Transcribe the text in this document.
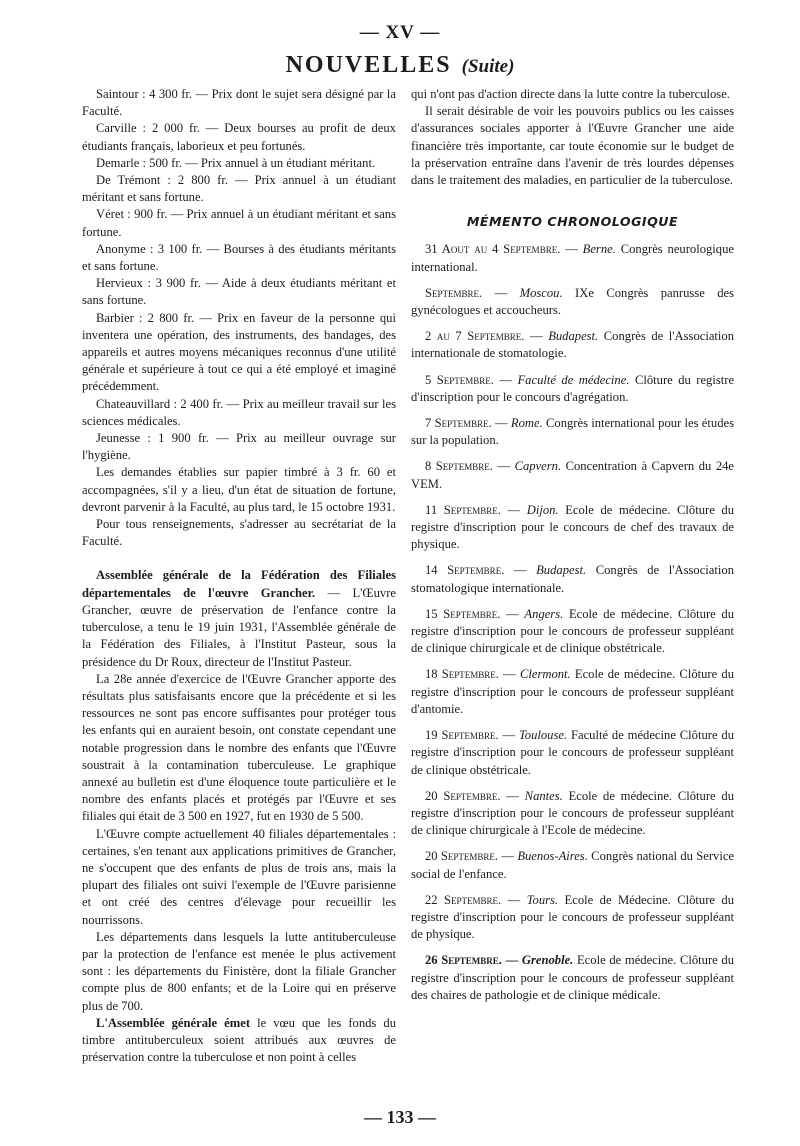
— XV —
NOUVELLES (Suite)

Saintour : 4 300 fr. — Prix dont le sujet sera désigné par la Faculté.

Carville : 2 000 fr. — Deux bourses au profit de deux étudiants français, laborieux et peu fortunés.

Demarle : 500 fr. — Prix annuel à un étudiant méritant.

De Trémont : 2 800 fr. — Prix annuel à un étudiant méritant et sans fortune.

Véret : 900 fr. — Prix annuel à un étudiant méritant et sans fortune.

Anonyme : 3 100 fr. — Bourses à des étudiants méritants et sans fortune.

Hervieux : 3 900 fr. — Aide à deux étudiants méritant et sans fortune.

Barbier : 2 800 fr. — Prix en faveur de la personne qui inventera une opération, des instruments, des bandages, des appareils et autres moyens mécaniques reconnus d'une utilité générale et supérieure à tout ce qui a été employé et imaginé précédemment.

Chateauvillard : 2 400 fr. — Prix au meilleur travail sur les sciences médicales.

Jeunesse : 1 900 fr. — Prix au meilleur ouvrage sur l'hygiène.

Les demandes établies sur papier timbré à 3 fr. 60 et accompagnées, s'il y a lieu, d'un état de situation de fortune, devront parvenir à la Faculté, au plus tard, le 15 octobre 1931.

Pour tous renseignements, s'adresser au secrétariat de la Faculté.

Assemblée générale de la Fédération des Filiales départementales de l'œuvre Grancher. — L'Œuvre Grancher, œuvre de préservation de l'enfance contre la tuberculose, a tenu le 19 juin 1931, l'Assemblée générale de la Fédération des Filiales, à l'Institut Pasteur, sous la présidence du Dr Roux, directeur de l'Institut Pasteur.

La 28e année d'exercice de l'Œuvre Grancher apporte des résultats plus satisfaisants encore que la précédente et si les ressources ne sont pas encore suffisantes pour protéger tous les enfants qui en auraient besoin, ont constate cependant une notable progression dans le nombre des enfants que l'Œuvre soustrait à la contamination tuberculeuse. Le graphique annexé au bulletin est d'une éloquence toute particulière et le nombre des enfants placés et protégés par l'Œuvre et ses filiales qui était de 3 500 en 1927, fut en 1930 de 5 500.

L'Œuvre compte actuellement 40 filiales départementales : certaines, s'en tenant aux applications primitives de Grancher, ne s'occupent que des enfants de plus de trois ans, mais la plupart des filiales ont suivi l'exemple de l'Œuvre parisienne et ont créé des centres d'élevage pour recueillir les nourrissons.

Les départements dans lesquels la lutte antituberculeuse par la protection de l'enfance est menée le plus activement sont : les départements du Finistère, dont la filiale Grancher compte plus de 800 enfants; et de la Loire qui en préserve plus de 700.

L'Assemblée générale émet le vœu que les fonds du timbre antituberculeux soient attribués aux œuvres de préservation contre la tuberculose et non point à celles

qui n'ont pas d'action directe dans la lutte contre la tuberculose.

Il serait désirable de voir les pouvoirs publics ou les caisses d'assurances sociales apporter à l'Œuvre Grancher une aide financière très importante, car toute économie sur le budget de la préservation entraîne dans l'avenir de très lourdes dépenses dans le traitement des maladies, en particulier de la tuberculose.

MÉMENTO CHRONOLOGIQUE

31 Aout au 4 Septembre. — Berne. Congrès neurologique international.

Septembre. — Moscou. IXe Congrès panrusse des gynécologues et accoucheurs.

2 au 7 Septembre. — Budapest. Congrès de l'Association internationale de stomatologie.

5 Septembre. — Faculté de médecine. Clôture du registre d'inscription pour le concours d'agrégation.

7 Septembre. — Rome. Congrès international pour les études sur la population.

8 Septembre. — Capvern. Concentration à Capvern du 24e VEM.

11 Septembre. — Dijon. Ecole de médecine. Clôture du registre d'inscription pour le concours de chef des travaux de physique.

14 Septembre. — Budapest. Congrès de l'Association stomatologique internationale.

15 Septembre. — Angers. Ecole de médecine. Clôture du registre d'inscription pour le concours de professeur suppléant de clinique chirurgicale et de clinique obstétricale.

18 Septembre. — Clermont. Ecole de médecine. Clôture du registre d'inscription pour le concours de professeur suppléant d'antomie.

19 Septembre. — Toulouse. Faculté de médecine Clôture du registre d'inscription pour le concours de professeur suppléant de clinique obstétricale.

20 Septembre. — Nantes. Ecole de médecine. Clôture du registre d'inscription pour le concours de professeur suppléant de clinique chirurgicale à l'Ecole de médecine.

20 Septembre. — Buenos-Aires. Congrès national du Service social de l'enfance.

22 Septembre. — Tours. Ecole de Médecine. Clôture du registre d'inscription pour le concours de professeur suppléant de physique.

26 Septembre. — Grenoble. Ecole de médecine. Clôture du registre d'inscription pour le concours de professeur suppléant des chaires de pathologie et de clinique médicale.

— 133 —
